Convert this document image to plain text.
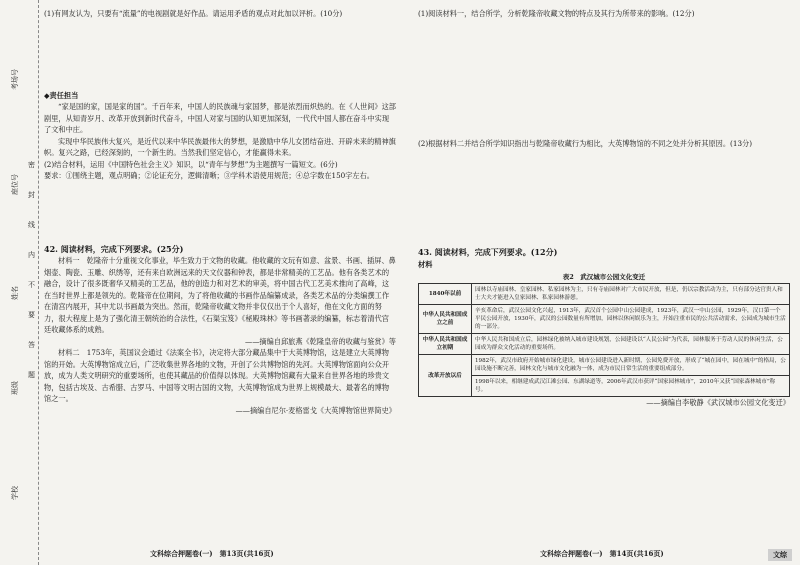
考场号
座位号
姓名
班级
学校
密
封
线
内
不
要
答
题

(1)有网友认为，只要有“流量”的电视剧就是好作品。请运用矛盾的观点对此加以评析。(10分)

◆责任担当

“家是国的家，国是家的国”。千百年来，中国人的民族魂与家国梦，都是浓烈而炽热的。在《人世间》这部剧里，从知青岁月、改革开放到新时代奋斗，中国人对家与国的认知更加深刻，一代代中国人都在奋斗中实现了文和中庄。

实现中华民族伟大复兴，是近代以来中华民族最伟大的梦想，是激励中华儿女团结奋进、开辟未来的精神旗帜。复兴之路，已经深刻的，一个新生的。当然我们坚定信心，才能赢得未来。

(2)结合材料，运用《中国特色社会主义》知识，以“青年与梦想”为主题撰写一篇短文。(6分)

要求：①围绕主题，观点明确；②论证充分，逻辑清晰；③学科术语使用规范；④总字数在150字左右。

42. 阅读材料，完成下列要求。(25分)

材料一　乾隆帝十分重视文化事业，毕生致力于文物的收藏。他收藏的文玩有如意、盆景、书画、插屏、鼻烟壶、陶瓷、玉雕、织绣等，还有来自欧洲远来的天文仪器和钟表，都是非常精美的工艺品。他有各类艺术的融合，设计了很多既奢华又精美的工艺品，他的创造力和对艺术的审美，将中国古代工艺美术推向了高峰，这在当时世界上都是领先的。乾隆帝在位期间，为了将他收藏的书画作品编纂成录，各类艺术品的分类编撰工作在清宫内展开，其中尤以书画最为突出。然而，乾隆帝收藏文物并非仅仅出于个人喜好，他在文化方面的努力，很大程度上是为了强化清王朝统治的合法性，《石渠宝笈》《秘殿珠林》等书画著录的编纂，标志着清代宫廷收藏体系的成熟。

——摘编自邱旅燕《乾隆皇帝的收藏与鉴赏》等

材料二　1753年，英国议会通过《法案全书》，决定将大部分藏品集中于大英博物馆，这是建立大英博物馆的开始。大英博物馆成立后，广泛收集世界各地的文物，开创了公共博物馆的先河。大英博物馆面向公众开放，成为人类文明研究的重要场所，也使其藏品的价值得以体现。大英博物馆藏有大量来自世界各地的珍贵文物，包括古埃及、古希腊、古罗马、中国等文明古国的文物，大英博物馆成为世界上规模最大、最著名的博物馆之一。

——摘编自尼尔·麦格雷戈《大英博物馆世界简史》

文科综合押题卷(一)　第13页(共16页)

(1)阅读材料一，结合所学，分析乾隆帝收藏文物的特点及其行为所带来的影响。(12分)

(2)根据材料二并结合所学知识指出与乾隆帝收藏行为相比，大英博物馆的不同之处并分析其原因。(13分)

43. 阅读材料，完成下列要求。(12分)

材料

表2　武汉城市公园文化变迁
1840年以前	园林以寺庙园林、皇家园林、私家园林为主，只有寺庙园林对广大市民开放，但是，仍以宗教活动为主，只有部分达官贵人和士大夫才能进入皇家园林、私家园林游憩。
中华人民共和国成立之前	辛亥革命后，武汉公园文化兴起，1913年，武汉首个公园中山公园建成，1923年，武汉一中山公园，1929年，汉口第一个平民公园开放，1930年，武汉的公园数量有所增加，园林以休闲娱乐为主，开始注重市民的公共活动需求，公园成为城市生活的一部分。
中华人民共和国成立初期	中华人民共和国成立后，园林绿化被纳入城市建设规划，公园建设以“人民公园”为代表，园林服务于劳动人民的休闲生活，公园成为群众文化活动的重要场所。
改革开放以后	1982年，武汉市政府开始城市绿化建设，城市公园建设进入新时期，公园免费开放，形成了“城在园中，园在城中”的格局，公园设施不断完善，园林文化与城市文化融为一体，成为市民日常生活的重要组成部分。
	1998年以来，相继建成武汉江滩公园、东湖绿道等，2006年武汉市获评“国家园林城市”，2010年又获“国家森林城市”称号。

——摘编自李敬静《武汉城市公园文化变迁》

文科综合押题卷(一)　第14页(共16页)	文综
